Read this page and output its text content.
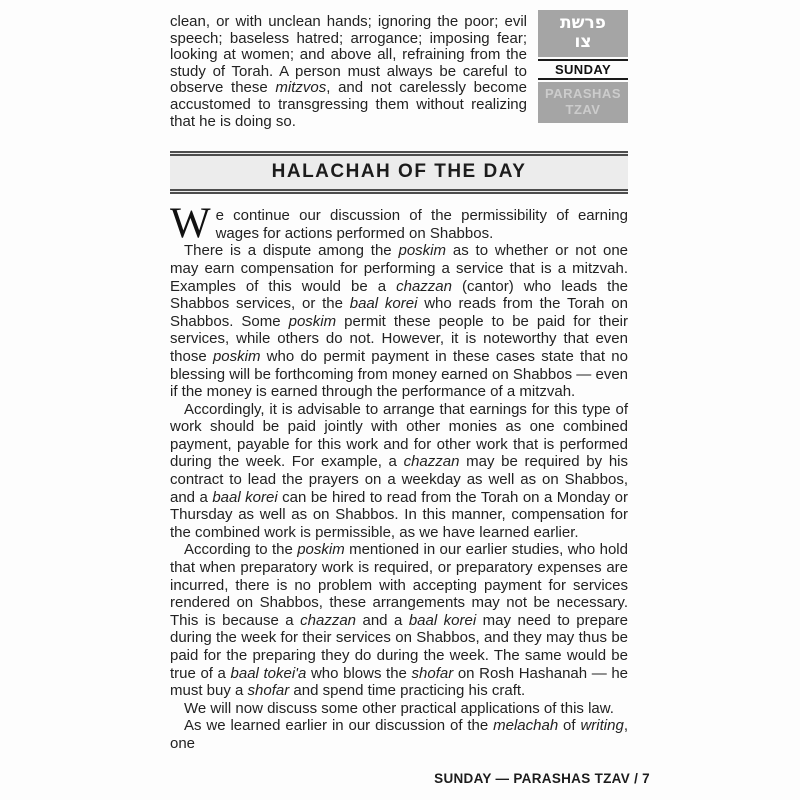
clean, or with unclean hands; ignoring the poor; evil speech; baseless hatred; arrogance; imposing fear; looking at women; and above all, refraining from the study of Torah. A person must always be careful to observe these mitzvos, and not carelessly become accustomed to transgressing them without realizing that he is doing so.
פרשת
צו
SUNDAY
PARASHAS
TZAV
HALACHAH OF THE DAY

We continue our discussion of the permissibility of earning wages for actions performed on Shabbos.

There is a dispute among the poskim as to whether or not one may earn compensation for performing a service that is a mitzvah. Examples of this would be a chazzan (cantor) who leads the Shabbos services, or the baal korei who reads from the Torah on Shabbos. Some poskim permit these people to be paid for their services, while others do not. However, it is noteworthy that even those poskim who do permit payment in these cases state that no blessing will be forthcoming from money earned on Shabbos — even if the money is earned through the performance of a mitzvah.

Accordingly, it is advisable to arrange that earnings for this type of work should be paid jointly with other monies as one combined payment, payable for this work and for other work that is performed during the week. For example, a chazzan may be required by his contract to lead the prayers on a weekday as well as on Shabbos, and a baal korei can be hired to read from the Torah on a Monday or Thursday as well as on Shabbos. In this manner, compensation for the combined work is permissible, as we have learned earlier.

According to the poskim mentioned in our earlier studies, who hold that when preparatory work is required, or preparatory expenses are incurred, there is no problem with accepting payment for services rendered on Shabbos, these arrangements may not be necessary. This is because a chazzan and a baal korei may need to prepare during the week for their services on Shabbos, and they may thus be paid for the preparing they do during the week. The same would be true of a baal tokei'a who blows the shofar on Rosh Hashanah — he must buy a shofar and spend time practicing his craft.

We will now discuss some other practical applications of this law.

As we learned earlier in our discussion of the melachah of writing, one

SUNDAY — PARASHAS TZAV / 7
